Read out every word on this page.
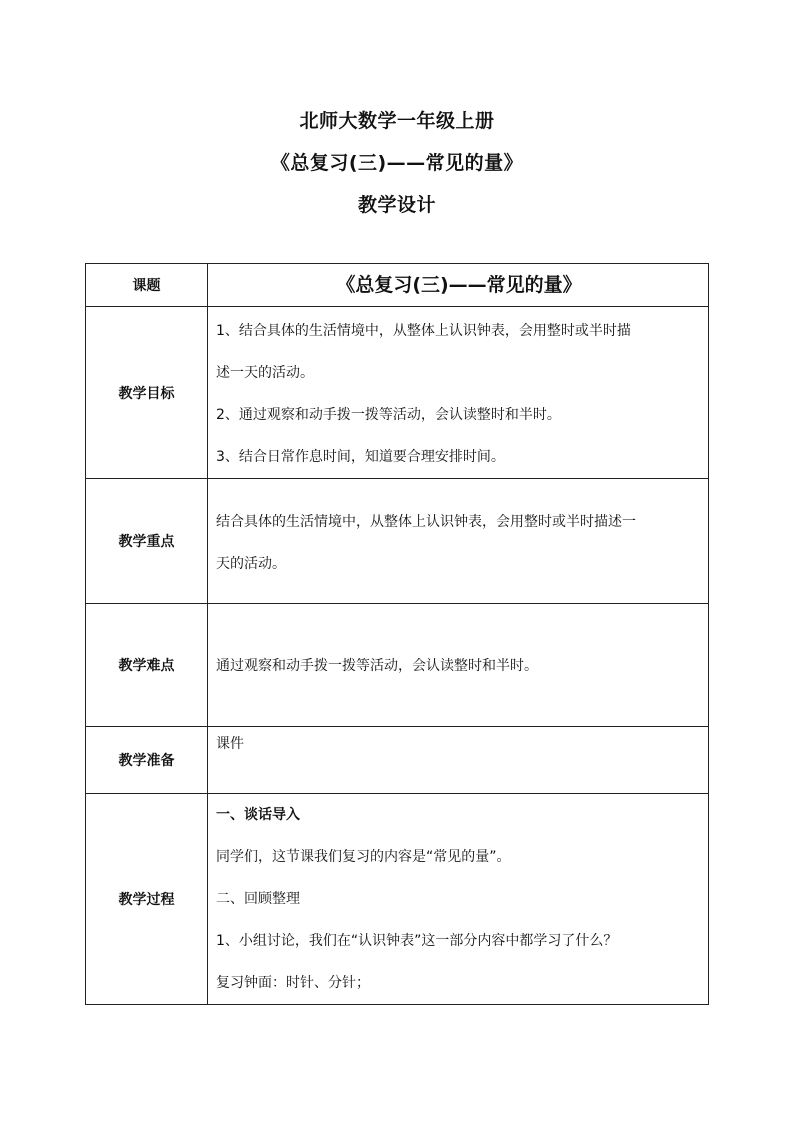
北师大数学一年级上册
《总复习(三)——常见的量》
教学设计
课题	《总复习(三)——常见的量》

教学目标	1、结合具体的生活情境中，从整体上认识钟表，会用整时或半时描
述一天的活动。
2、通过观察和动手拨一拨等活动，会认读整时和半时。
3、结合日常作息时间，知道要合理安排时间。

教学重点	结合具体的生活情境中，从整体上认识钟表，会用整时或半时描述一
天的活动。

教学难点	通过观察和动手拨一拨等活动，会认读整时和半时。

教学准备	课件

教学过程	一、谈话导入
同学们，这节课我们复习的内容是“常见的量”。
二、回顾整理
1、小组讨论，我们在“认识钟表”这一部分内容中都学习了什么？
复习钟面：时针、分针；
